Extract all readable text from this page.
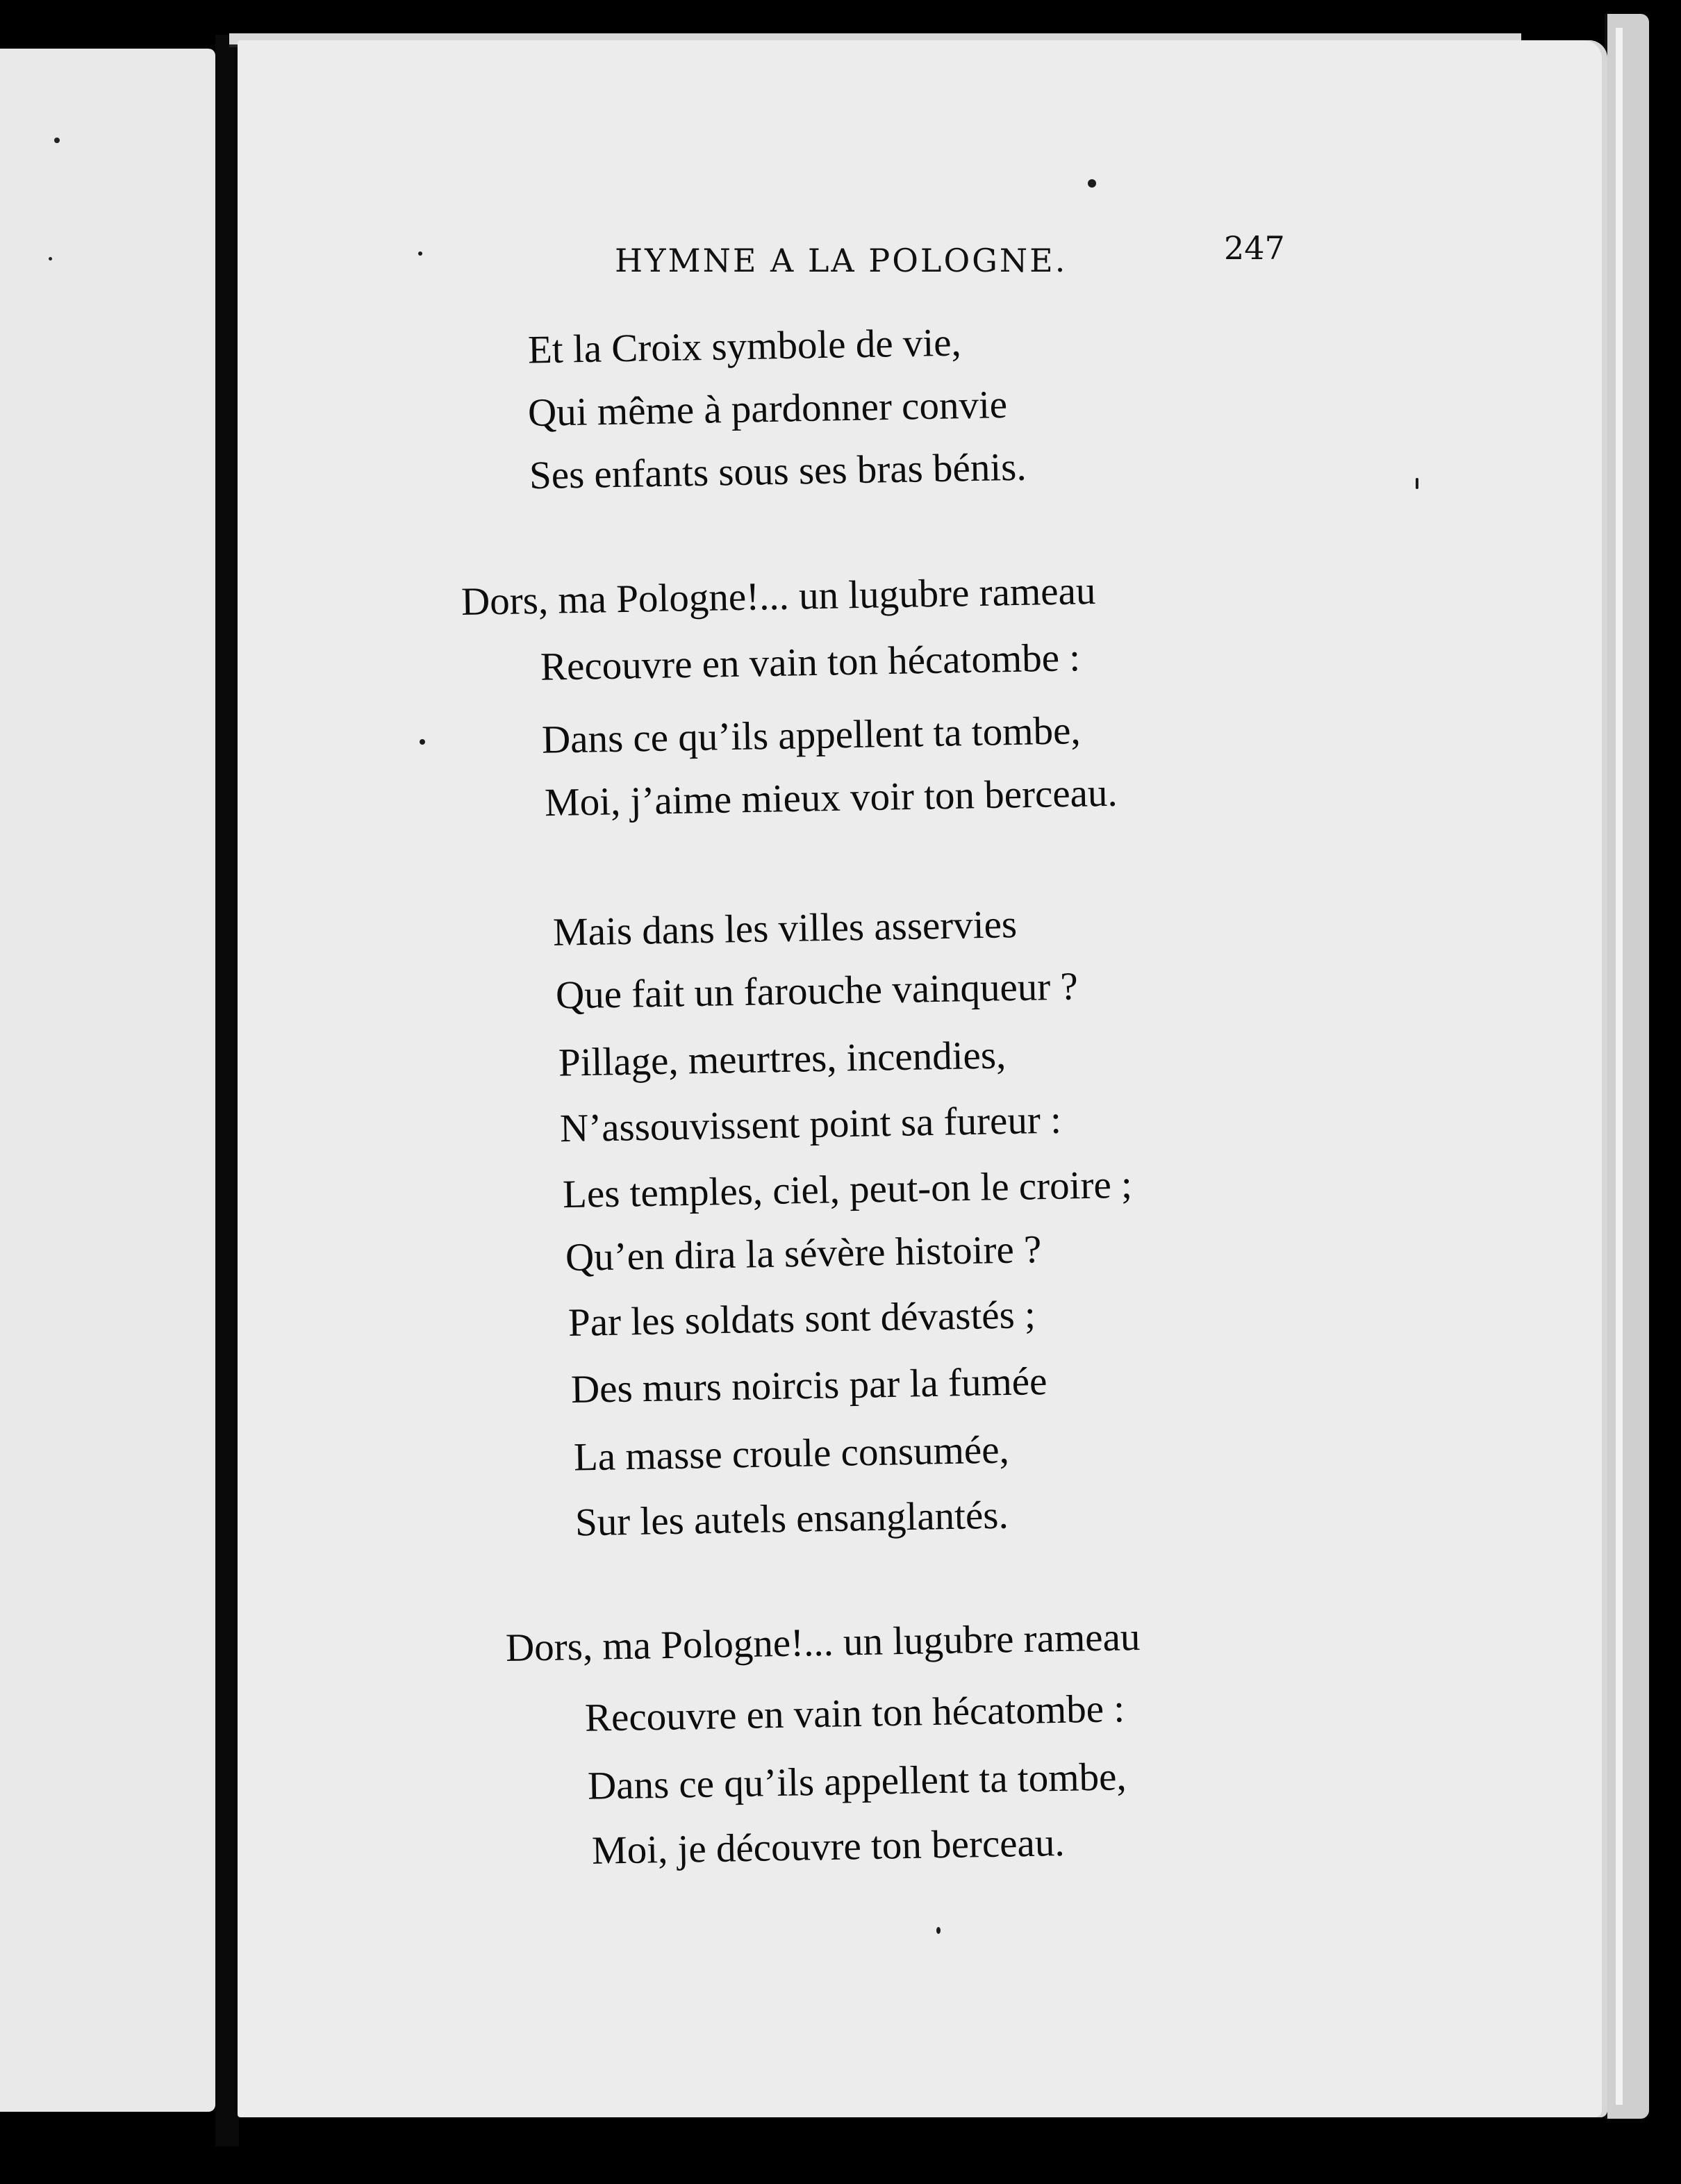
HYMNE A LA POLOGNE.	247
Et la Croix symbole de vie,
Qui même à pardonner convie
Ses enfants sous ses bras bénis.
Dors, ma Pologne!... un lugubre rameau
Recouvre en vain ton hécatombe :
Dans ce qu’ils appellent ta tombe,
Moi, j’aime mieux voir ton berceau.
Mais dans les villes asservies
Que fait un farouche vainqueur ?
Pillage, meurtres, incendies,
N’assouvissent point sa fureur :
Les temples, ciel, peut-on le croire ;
Qu’en dira la sévère histoire ?
Par les soldats sont dévastés ;
Des murs noircis par la fumée
La masse croule consumée,
Sur les autels ensanglantés.
Dors, ma Pologne!... un lugubre rameau
Recouvre en vain ton hécatombe :
Dans ce qu’ils appellent ta tombe,
Moi, je découvre ton berceau.
